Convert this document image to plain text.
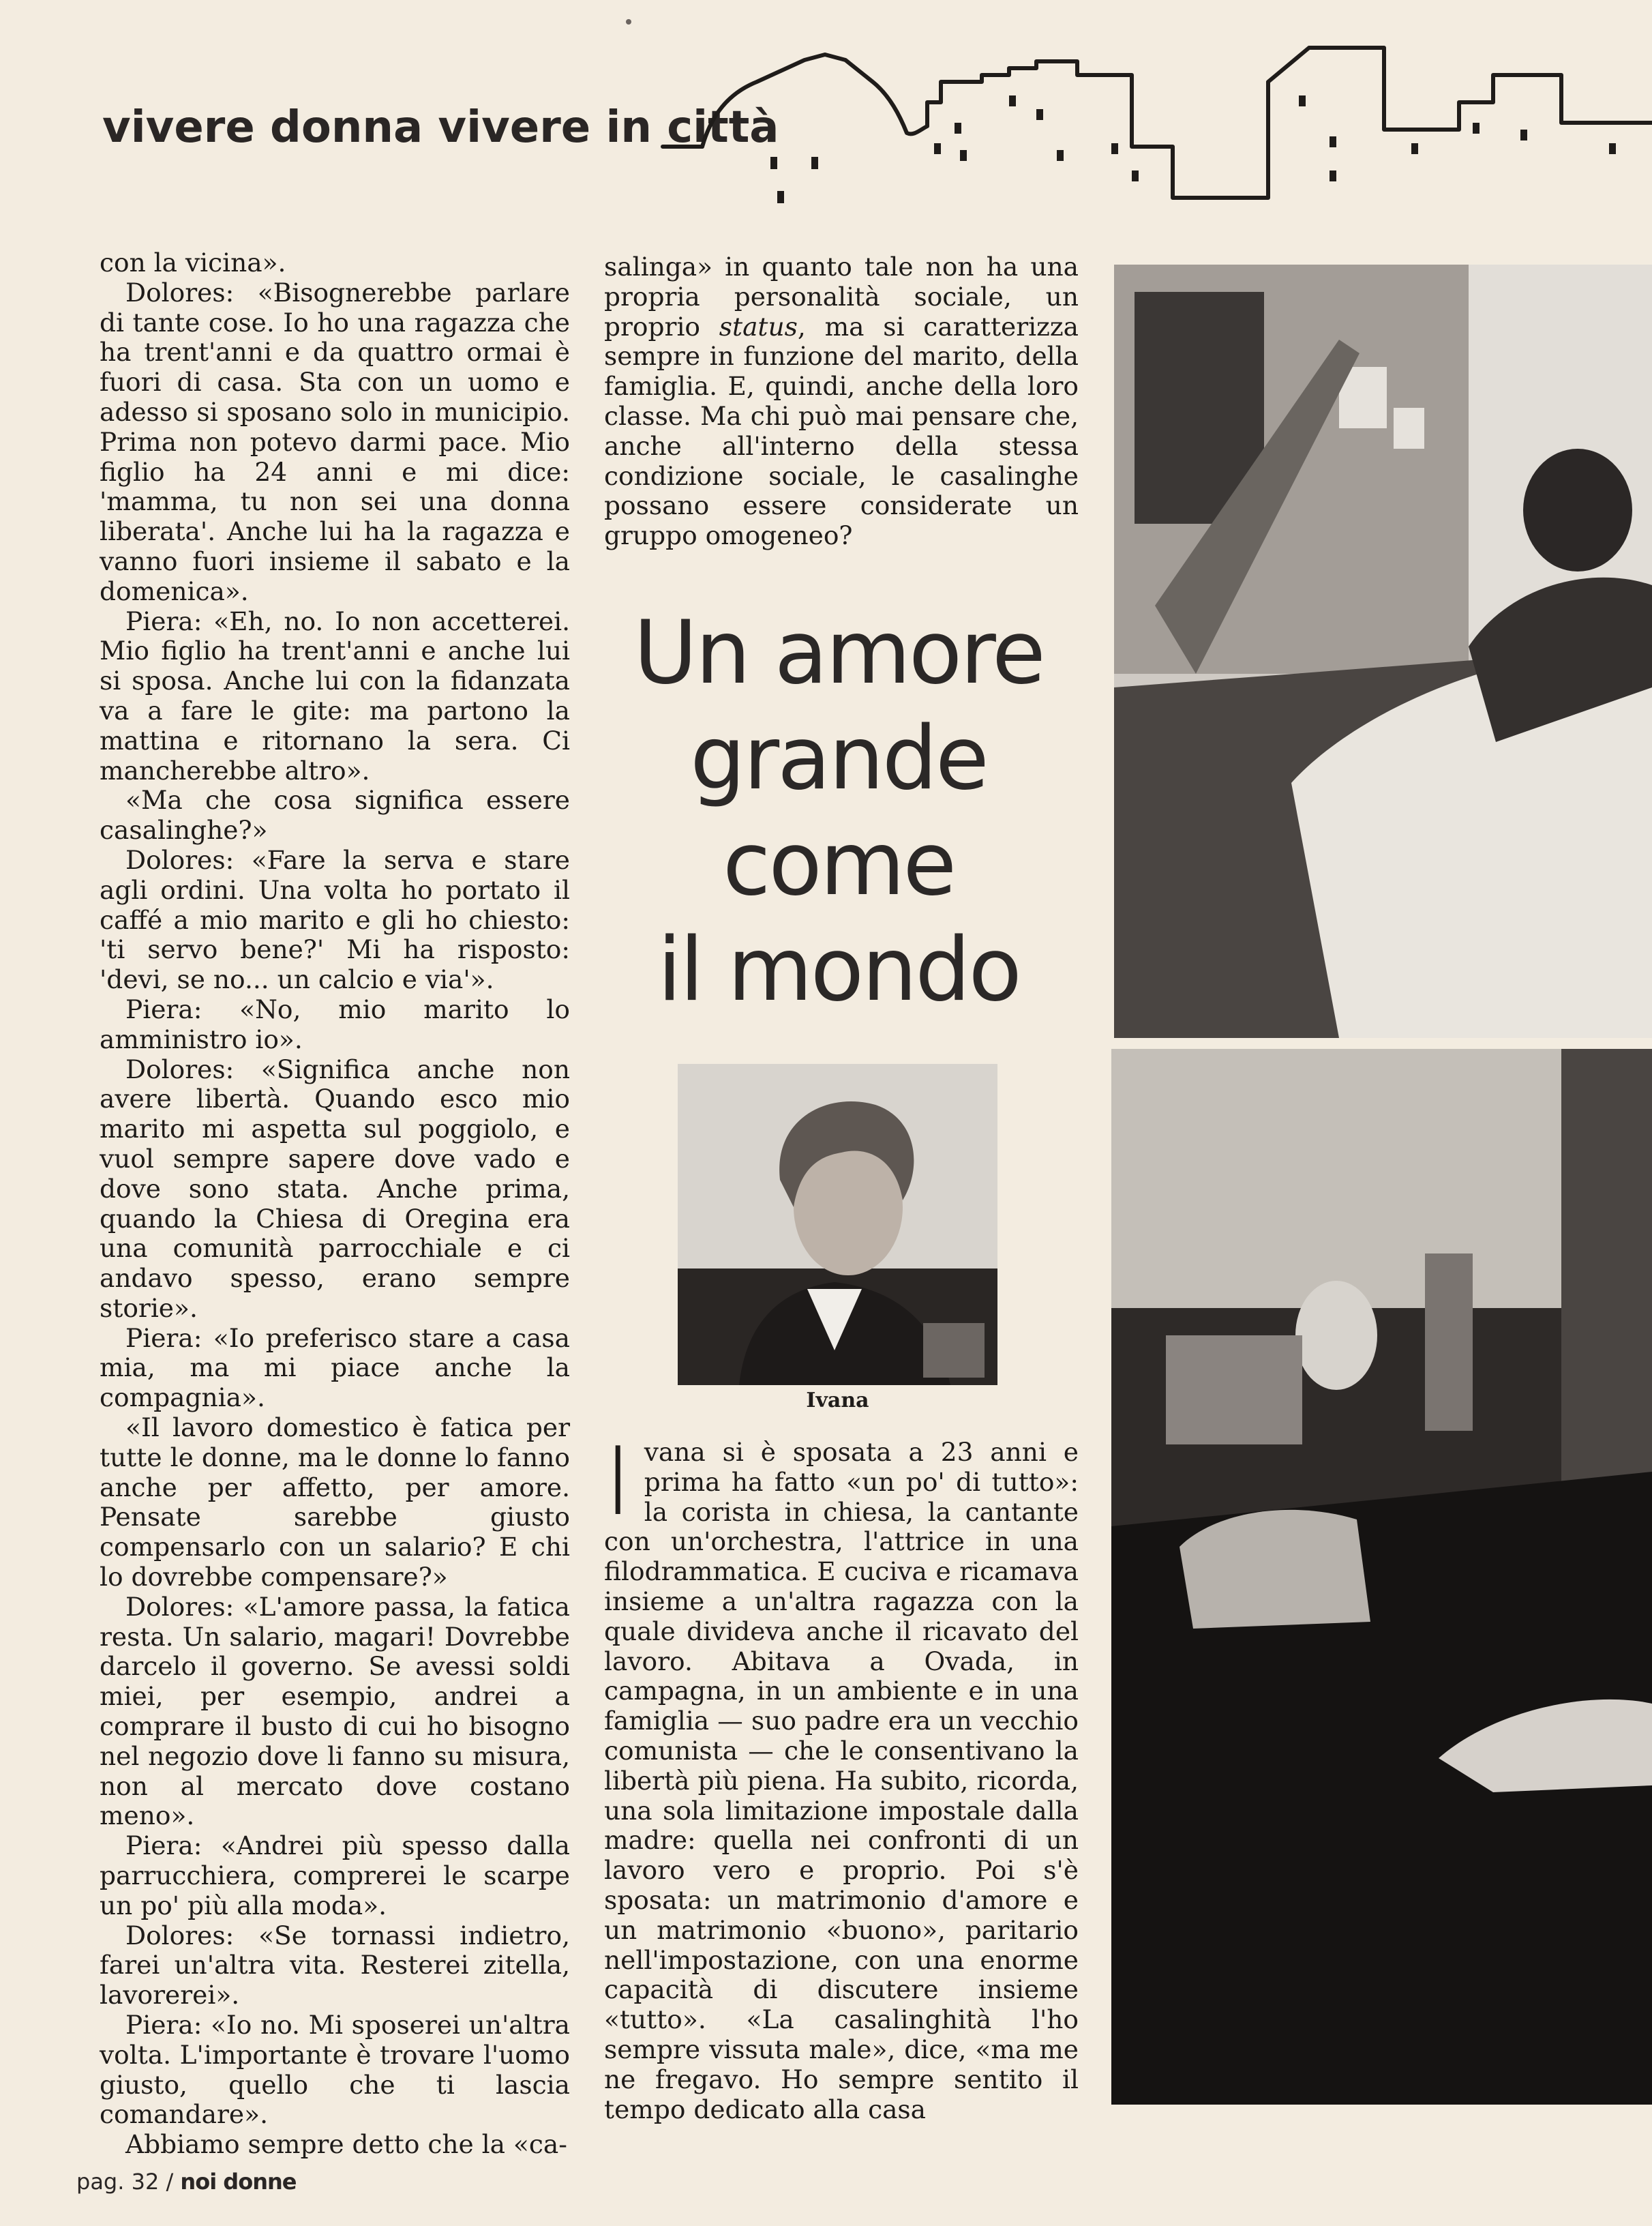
vivere donna vivere in città

con la vicina».

Dolores: «Bisognerebbe parlare di tante cose. Io ho una ragazza che ha trent'anni e da quattro ormai è fuori di casa. Sta con un uomo e adesso si sposano solo in municipio. Prima non potevo darmi pace. Mio figlio ha 24 anni e mi dice: 'mamma, tu non sei una donna liberata'. Anche lui ha la ragazza e vanno fuori insieme il sabato e la domenica».

Piera: «Eh, no. Io non accetterei. Mio figlio ha trent'anni e anche lui si sposa. Anche lui con la fidanzata va a fare le gite: ma partono la mattina e ritornano la sera. Ci mancherebbe altro».

«Ma che cosa significa essere casalinghe?»

Dolores: «Fare la serva e stare agli ordini. Una volta ho portato il caffé a mio marito e gli ho chiesto: 'ti servo bene?' Mi ha risposto: 'devi, se no... un calcio e via'».

Piera: «No, mio marito lo amministro io».

Dolores: «Significa anche non avere libertà. Quando esco mio marito mi aspetta sul poggiolo, e vuol sempre sapere dove vado e dove sono stata. Anche prima, quando la Chiesa di Oregina era una comunità parrocchiale e ci andavo spesso, erano sempre storie».

Piera: «Io preferisco stare a casa mia, ma mi piace anche la compagnia».

«Il lavoro domestico è fatica per tutte le donne, ma le donne lo fanno anche per affetto, per amore. Pensate sarebbe giusto compensarlo con un salario? E chi lo dovrebbe compensare?»

Dolores: «L'amore passa, la fatica resta. Un salario, magari! Dovrebbe darcelo il governo. Se avessi soldi miei, per esempio, andrei a comprare il busto di cui ho bisogno nel negozio dove li fanno su misura, non al mercato dove costano meno».

Piera: «Andrei più spesso dalla parrucchiera, comprerei le scarpe un po' più alla moda».

Dolores: «Se tornassi indietro, farei un'altra vita. Resterei zitella, lavorerei».

Piera: «Io no. Mi sposerei un'altra volta. L'importante è trovare l'uomo giusto, quello che ti lascia comandare».

Abbiamo sempre detto che la «ca-

salinga» in quanto tale non ha una propria personalità sociale, un proprio status, ma si caratterizza sempre in funzione del marito, della famiglia. E, quindi, anche della loro classe. Ma chi può mai pensare che, anche all'interno della stessa condizione sociale, le casalinghe possano essere considerate un gruppo omogeneo?

Un amore
grande
come
il mondo
Ivana
I vana si è sposata a 23 anni e prima ha fatto «un po' di tutto»: la corista in chiesa, la cantante con un'orchestra, l'attrice in una filodrammatica. E cuciva e ricamava insieme a un'altra ragazza con la quale divideva anche il ricavato del lavoro. Abitava a Ovada, in campagna, in un ambiente e in una famiglia — suo padre era un vecchio comunista — che le consentivano la libertà più piena. Ha subito, ricorda, una sola limitazione impostale dalla madre: quella nei confronti di un lavoro vero e proprio. Poi s'è sposata: un matrimonio d'amore e un matrimonio «buono», paritario nell'impostazione, con una enorme capacità di discutere insieme «tutto». «La casalinghità l'ho sempre vissuta male», dice, «ma me ne fregavo. Ho sempre sentito il tempo dedicato alla casa

pag. 32 / noi donne
